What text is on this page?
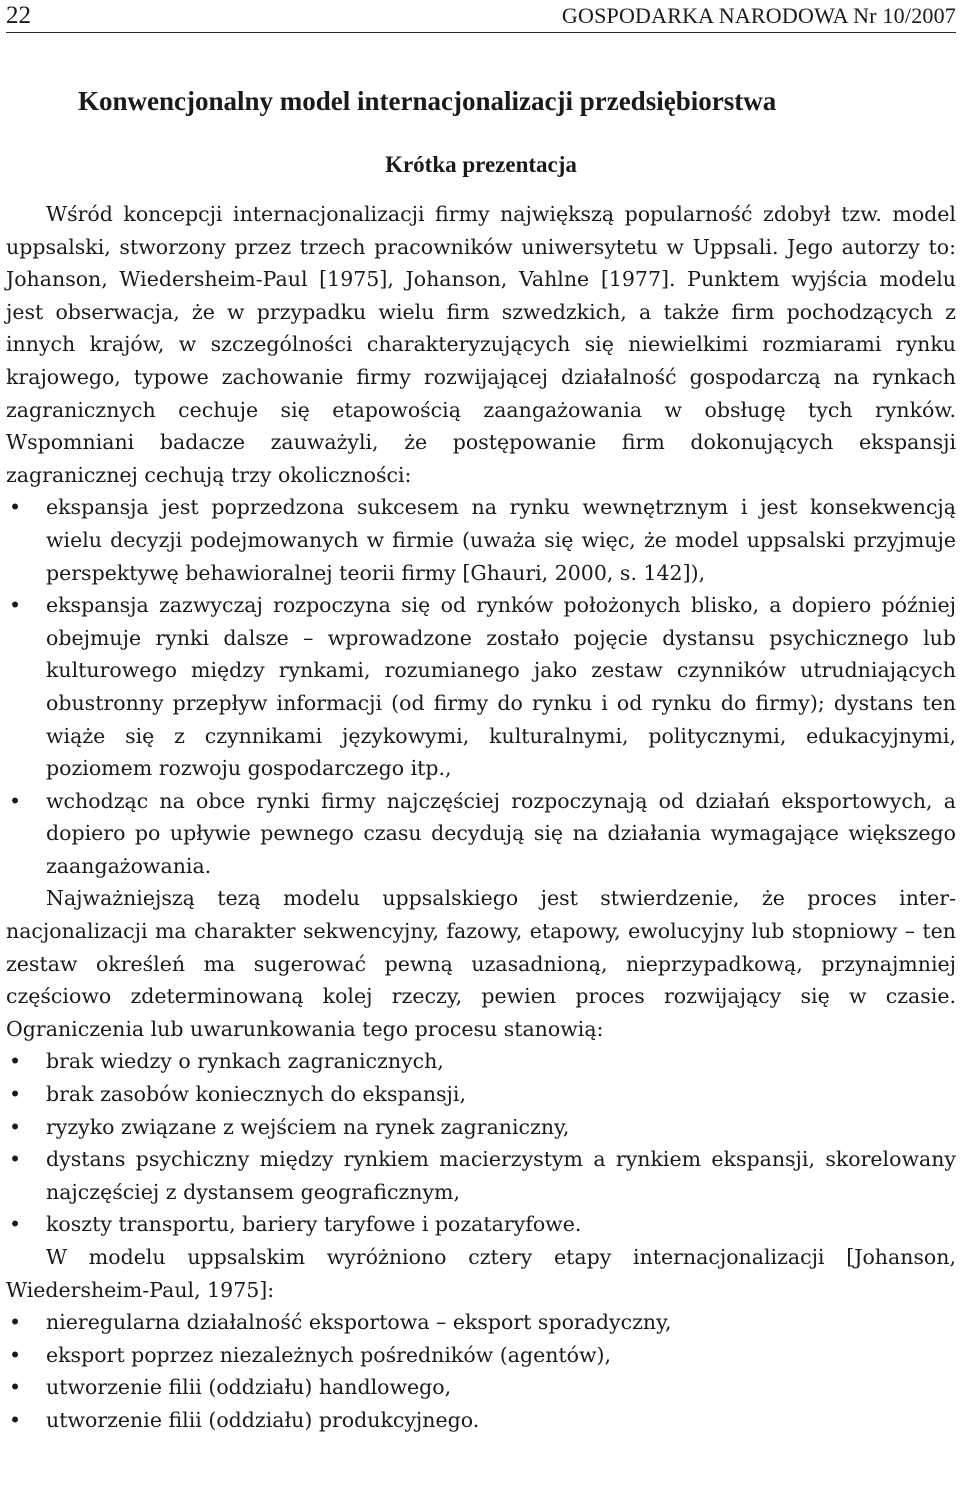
22	GOSPODARKA NARODOWA Nr 10/2007
Konwencjonalny model internacjonalizacji przedsiębiorstwa
Krótka prezentacja

Wśród koncepcji internacjonalizacji firmy największą popularność zdobył tzw. model uppsalski, stworzony przez trzech pracowników uniwersytetu w Uppsali. Jego autorzy to: Johanson, Wiedersheim-Paul [1975], Johanson, Vahlne [1977]. Punktem wyjścia modelu jest obserwacja, że w przypadku wielu firm szwedzkich, a także firm pochodzących z innych krajów, w szczególności charakteryzujących się niewielkimi rozmiarami rynku krajowego, typowe zachowanie firmy rozwijającej działalność gospodarczą na rynkach zagranicznych cechuje się etapowością zaangażowania w obsługę tych rynków. Wspomniani badacze zauważyli, że postępowanie firm dokonujących ekspansji zagranicznej cechują trzy okoliczności:

• ekspansja jest poprzedzona sukcesem na rynku wewnętrznym i jest konsekwencją wielu decyzji podejmowanych w firmie (uważa się więc, że model uppsalski przyjmuje perspektywę behawioralnej teorii firmy [Ghauri, 2000, s. 142]),
• ekspansja zazwyczaj rozpoczyna się od rynków położonych blisko, a dopiero później obejmuje rynki dalsze – wprowadzone zostało pojęcie dystansu psychicznego lub kulturowego między rynkami, rozumianego jako zestaw czynników utrudniających obustronny przepływ informacji (od firmy do rynku i od rynku do firmy); dystans ten wiąże się z czynnikami językowymi, kulturalnymi, politycznymi, edukacyjnymi, poziomem rozwoju gospodarczego itp.,
• wchodząc na obce rynki firmy najczęściej rozpoczynają od działań eksportowych, a dopiero po upływie pewnego czasu decydują się na działania wymagające większego zaangażowania.

Najważniejszą tezą modelu uppsalskiego jest stwierdzenie, że proces internacjonalizacji ma charakter sekwencyjny, fazowy, etapowy, ewolucyjny lub stopniowy – ten zestaw określeń ma sugerować pewną uzasadnioną, nieprzypadkową, przynajmniej częściowo zdeterminowaną kolej rzeczy, pewien proces rozwijający się w czasie. Ograniczenia lub uwarunkowania tego procesu stanowią:

• brak wiedzy o rynkach zagranicznych,
• brak zasobów koniecznych do ekspansji,
• ryzyko związane z wejściem na rynek zagraniczny,
• dystans psychiczny między rynkiem macierzystym a rynkiem ekspansji, skorelowany najczęściej z dystansem geograficznym,
• koszty transportu, bariery taryfowe i pozataryfowe.

W modelu uppsalskim wyróżniono cztery etapy internacjonalizacji [Johanson, Wiedersheim-Paul, 1975]:

• nieregularna działalność eksportowa – eksport sporadyczny,
• eksport poprzez niezależnych pośredników (agentów),
• utworzenie filii (oddziału) handlowego,
• utworzenie filii (oddziału) produkcyjnego.
